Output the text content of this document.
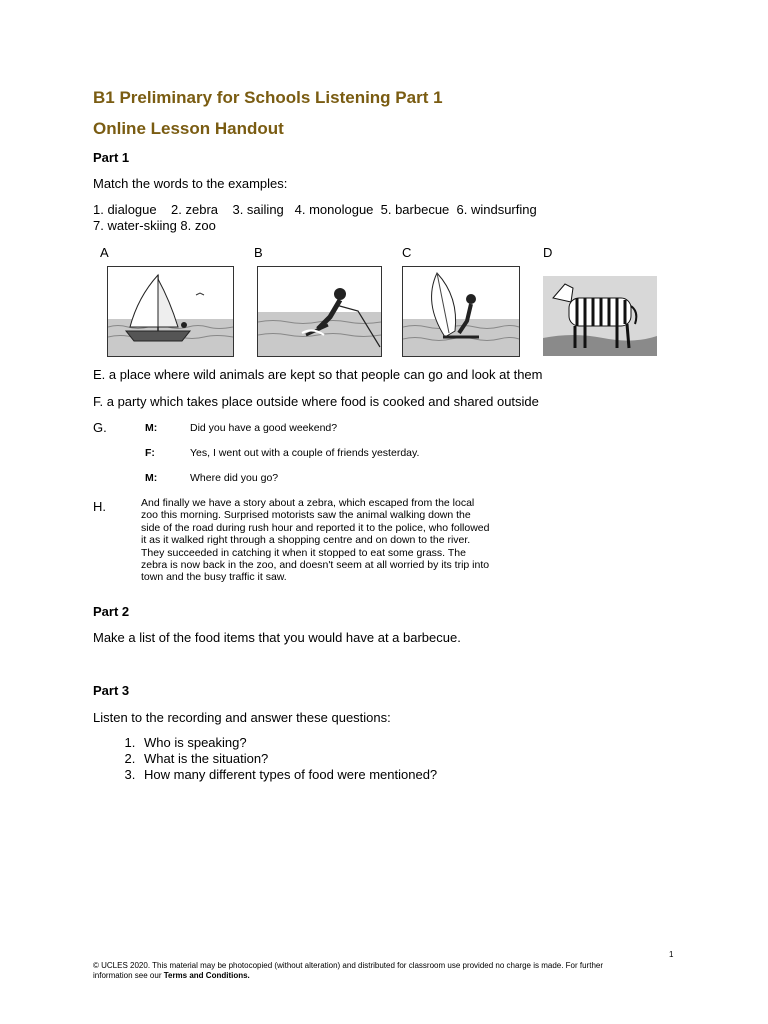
B1 Preliminary for Schools Listening Part 1
Online Lesson Handout
Part 1
Match the words to the examples:
1. dialogue    2. zebra    3. sailing   4. monologue  5. barbecue  6. windsurfing
7. water-skiing 8. zoo
A	B	C	D
E. a place where wild animals are kept so that people can go and look at them
F. a party which takes place outside where food is cooked and shared outside
G.	M:	Did you have a good weekend?
F:	Yes, I went out with a couple of friends yesterday.
M:	Where did you go?
H.	And finally we have a story about a zebra, which escaped from the local
zoo this morning. Surprised motorists saw the animal walking down the
side of the road during rush hour and reported it to the police, who followed
it as it walked right through a shopping centre and on down to the river.
They succeeded in catching it when it stopped to eat some grass. The
zebra is now back in the zoo, and doesn't seem at all worried by its trip into
town and the busy traffic it saw.
Part 2
Make a list of the food items that you would have at a barbecue.
Part 3
Listen to the recording and answer these questions:
1. Who is speaking?
2. What is the situation?
3. How many different types of food were mentioned?
1
© UCLES 2020. This material may be photocopied (without alteration) and distributed for classroom use provided no charge is made. For further
information see our Terms and Conditions.
